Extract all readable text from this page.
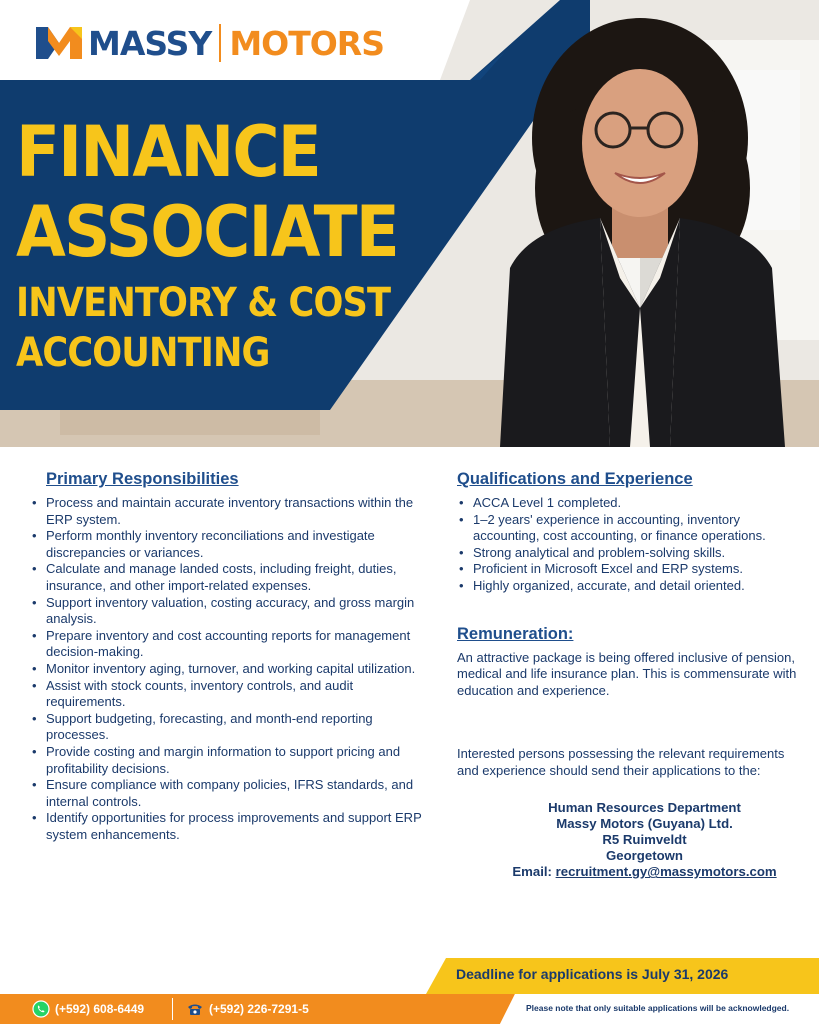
MASSY MOTORS
FINANCE
ASSOCIATE
INVENTORY & COST
ACCOUNTING
Primary Responsibilities
• Process and maintain accurate inventory transactions within the ERP system.
• Perform monthly inventory reconciliations and investigate discrepancies or variances.
• Calculate and manage landed costs, including freight, duties, insurance, and other import-related expenses.
• Support inventory valuation, costing accuracy, and gross margin analysis.
• Prepare inventory and cost accounting reports for management decision-making.
• Monitor inventory aging, turnover, and working capital utilization.
• Assist with stock counts, inventory controls, and audit requirements.
• Support budgeting, forecasting, and month-end reporting processes.
• Provide costing and margin information to support pricing and profitability decisions.
• Ensure compliance with company policies, IFRS standards, and internal controls.
• Identify opportunities for process improvements and support ERP system enhancements.
Qualifications and Experience
• ACCA Level 1 completed.
• 1–2 years' experience in accounting, inventory accounting, cost accounting, or finance operations.
• Strong analytical and problem-solving skills.
• Proficient in Microsoft Excel and ERP systems.
• Highly organized, accurate, and detail oriented.
Remuneration:

An attractive package is being offered inclusive of pension, medical and life insurance plan. This is commensurate with education and experience.

Interested persons possessing the relevant requirements and experience should send their applications to the:

Human Resources Department
Massy Motors (Guyana) Ltd.
R5 Ruimveldt
Georgetown
Email: recruitment.gy@massymotors.com
Deadline for applications is July 31, 2026
(+592) 608-6449	(+592) 226-7291-5	Please note that only suitable applications will be acknowledged.
